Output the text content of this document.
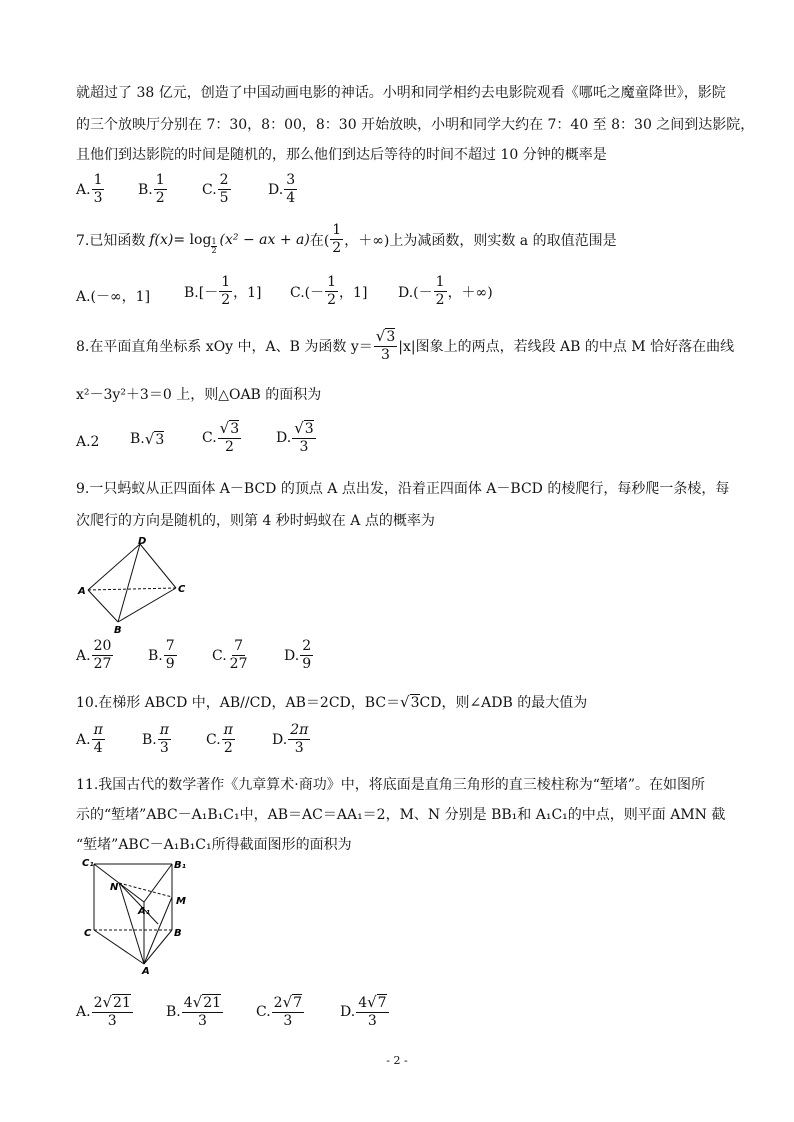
就超过了 38 亿元，创造了中国动画电影的神话。小明和同学相约去电影院观看《哪吒之魔童降世》，影院
的三个放映厅分别在 7：30，8：00，8：30 开始放映，小明和同学大约在 7：40 至 8：30 之间到达影院，
且他们到达影院的时间是随机的，那么他们到达后等待的时间不超过 10 分钟的概率是
A. $\frac{1}{3} B$. $\frac{1}{2}$	C. $\frac{2}{5}$	D. $\frac{3}{4}$
7.已知函数 f(x) = log 1
2
(x² − ax + a) 在( $\frac{1}{2}$ ，＋∞)上为减函数，则实数 a 的取值范围是
A.(－∞，1] $B.[- \frac{1}{2}$ ，1] $C.(- \frac{1}{2}$ ，1] $D.(- \frac{1}{2}$ ，＋∞)
8.在平面直角坐标系 xOy 中，A、B 为函数 $y= \frac{√3}{3} |x|$图象上的两点，若线段 AB 的中点 M 恰好落在曲线
x²－3y²＋3＝0 上，则△OAB 的面积为
A.2 B. √ 3	C. $\frac{√3}{2} D$. $\frac{√3}{3}$
9.一只蚂蚁从正四面体 A－BCD 的顶点 A 点出发，沿着正四面体 A－BCD 的棱爬行，每秒爬一条棱，每
次爬行的方向是随机的，则第 4 秒时蚂蚁在 A 点的概率为
D
A	C
B
A. $\frac{20}{27} B$. $\frac{7}{9}$	C. $\frac{7}{27} D$. $\frac{2}{9}$
10.在梯形 ABCD 中，AB//CD，AB＝2CD，BC＝ √ 3 CD，则∠ADB 的最大值为
A. $\frac{\pi}{4}$	B. $\frac{\pi}{3}$	C. $\frac{\pi}{2}$	D. $\frac{2\pi}{3}$
11.我国古代的数学著作《九章算术·商功》中，将底面是直角三角形的直三棱柱称为“堑堵”。在如图所
示的“堑堵”ABC－A₁B₁C₁中，AB＝AC＝AA₁＝2，M、N 分别是 BB₁和 A₁C₁的中点，则平面 AMN 截
“堑堵”ABC－A₁B₁C₁所得截面图形的面积为
C₁	B₁
N
A₁
M
C	B
A
A. $\frac{2√21}{3} B$. $\frac{4√21}{3} C$. $\frac{2√7}{3}$	D. $\frac{4√7}{3}$
- 2 -
